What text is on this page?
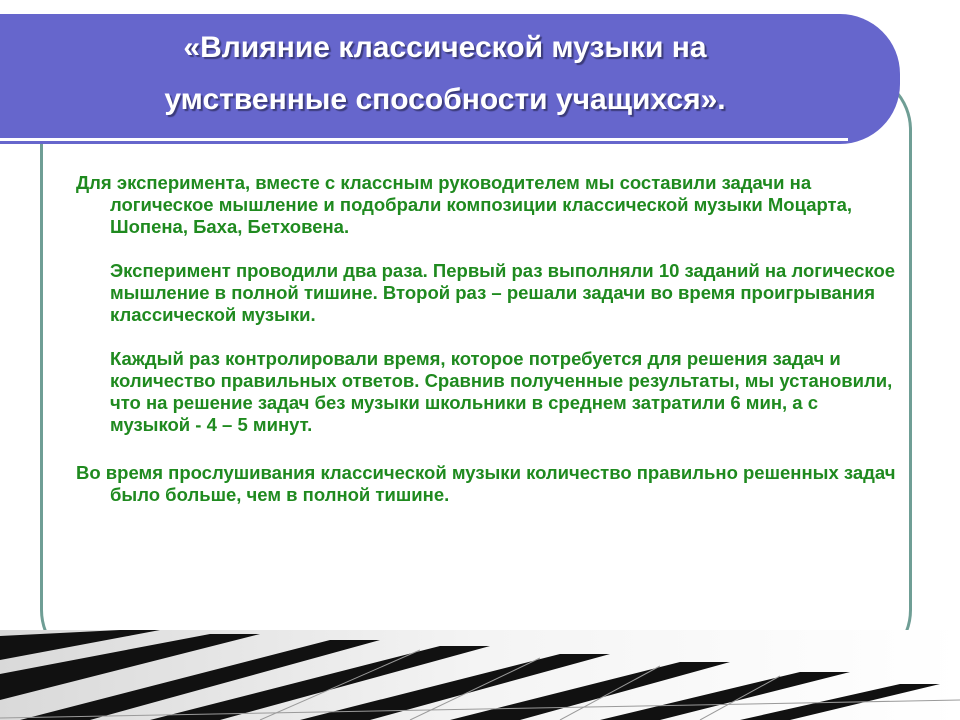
«Влияние классической музыки на
умственные способности учащихся».

Для эксперимента, вместе с классным руководителем мы составили задачи на логическое мышление и подобрали композиции классической музыки Моцарта, Шопена, Баха, Бетховена.

Эксперимент проводили два раза. Первый раз выполняли 10 заданий на логическое мышление в полной тишине. Второй раз – решали задачи во время проигрывания классической музыки.

Каждый раз контролировали время, которое потребуется для решения задач и количество правильных ответов. Сравнив полученные результаты, мы установили, что на решение задач без музыки школьники в среднем затратили 6 мин, а с музыкой - 4 – 5 минут.

Во время прослушивания классической музыки количество правильно решенных задач было больше, чем в полной тишине.
